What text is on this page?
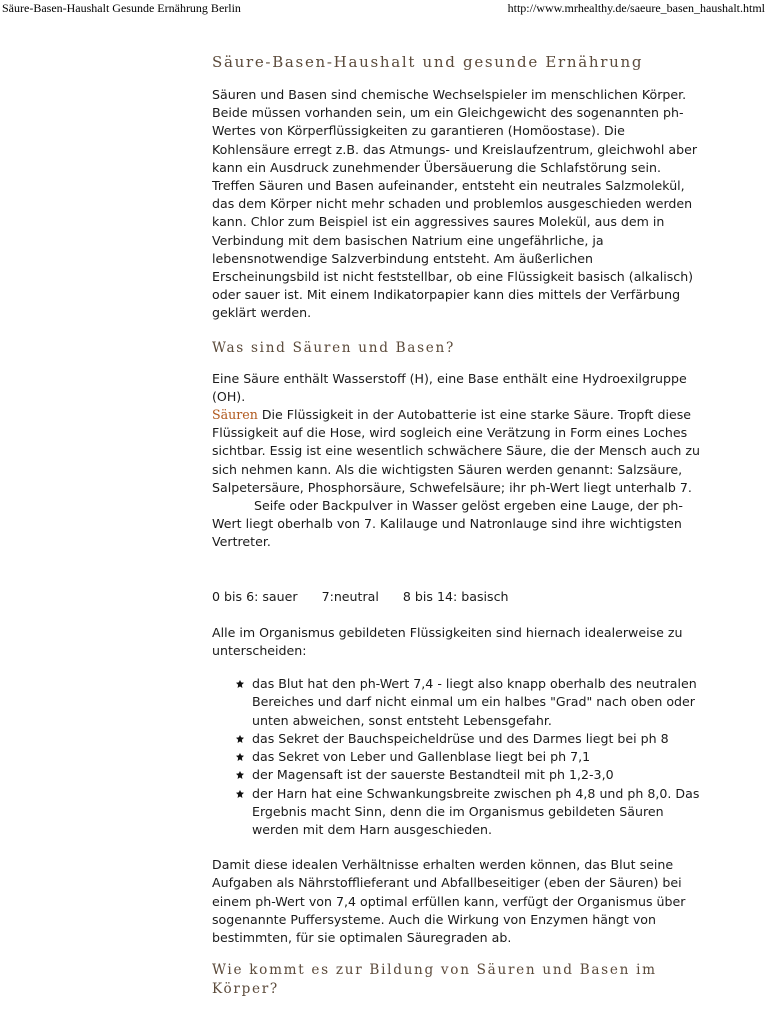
Säure-Basen-Haushalt Gesunde Ernährung Berlin	http://www.mrhealthy.de/saeure_basen_haushalt.html
Säure-Basen-Haushalt und gesunde Ernährung

Säuren und Basen sind chemische Wechselspieler im menschlichen Körper. Beide müssen vorhanden sein, um ein Gleichgewicht des sogenannten ph-Wertes von Körperflüssigkeiten zu garantieren (Homöostase). Die Kohlensäure erregt z.B. das Atmungs- und Kreislaufzentrum, gleichwohl aber kann ein Ausdruck zunehmender Übersäuerung die Schlafstörung sein. Treffen Säuren und Basen aufeinander, entsteht ein neutrales Salzmolekül, das dem Körper nicht mehr schaden und problemlos ausgeschieden werden kann. Chlor zum Beispiel ist ein aggressives saures Molekül, aus dem in Verbindung mit dem basischen Natrium eine ungefährliche, ja lebensnotwendige Salzverbindung entsteht. Am äußerlichen Erscheinungsbild ist nicht feststellbar, ob eine Flüssigkeit basisch (alkalisch) oder sauer ist. Mit einem Indikatorpapier kann dies mittels der Verfärbung geklärt werden.

Was sind Säuren und Basen?

Eine Säure enthält Wasserstoff (H), eine Base enthält eine Hydroexilgruppe (OH).

Säuren Die Flüssigkeit in der Autobatterie ist eine starke Säure. Tropft diese Flüssigkeit auf die Hose, wird sogleich eine Verätzung in Form eines Loches sichtbar. Essig ist eine wesentlich schwächere Säure, die der Mensch auch zu sich nehmen kann. Als die wichtigsten Säuren werden genannt: Salzsäure, Salpetersäure, Phosphorsäure, Schwefelsäure; ihr ph-Wert liegt unterhalb 7.

Seife oder Backpulver in Wasser gelöst ergeben eine Lauge, der ph-Wert liegt oberhalb von 7. Kalilauge und Natronlauge sind ihre wichtigsten Vertreter.

0 bis 6: sauer 7:neutral 8 bis 14: basisch

Alle im Organismus gebildeten Flüssigkeiten sind hiernach idealerweise zu unterscheiden:

das Blut hat den ph-Wert 7,4 - liegt also knapp oberhalb des neutralen Bereiches und darf nicht einmal um ein halbes "Grad" nach oben oder unten abweichen, sonst entsteht Lebensgefahr.
das Sekret der Bauchspeicheldrüse und des Darmes liegt bei ph 8
das Sekret von Leber und Gallenblase liegt bei ph 7,1
der Magensaft ist der sauerste Bestandteil mit ph 1,2-3,0
der Harn hat eine Schwankungsbreite zwischen ph 4,8 und ph 8,0. Das Ergebnis macht Sinn, denn die im Organismus gebildeten Säuren werden mit dem Harn ausgeschieden.

Damit diese idealen Verhältnisse erhalten werden können, das Blut seine Aufgaben als Nährstofflieferant und Abfallbeseitiger (eben der Säuren) bei einem ph-Wert von 7,4 optimal erfüllen kann, verfügt der Organismus über sogenannte Puffersysteme. Auch die Wirkung von Enzymen hängt von bestimmten, für sie optimalen Säuregraden ab.

Wie kommt es zur Bildung von Säuren und Basen im Körper?
